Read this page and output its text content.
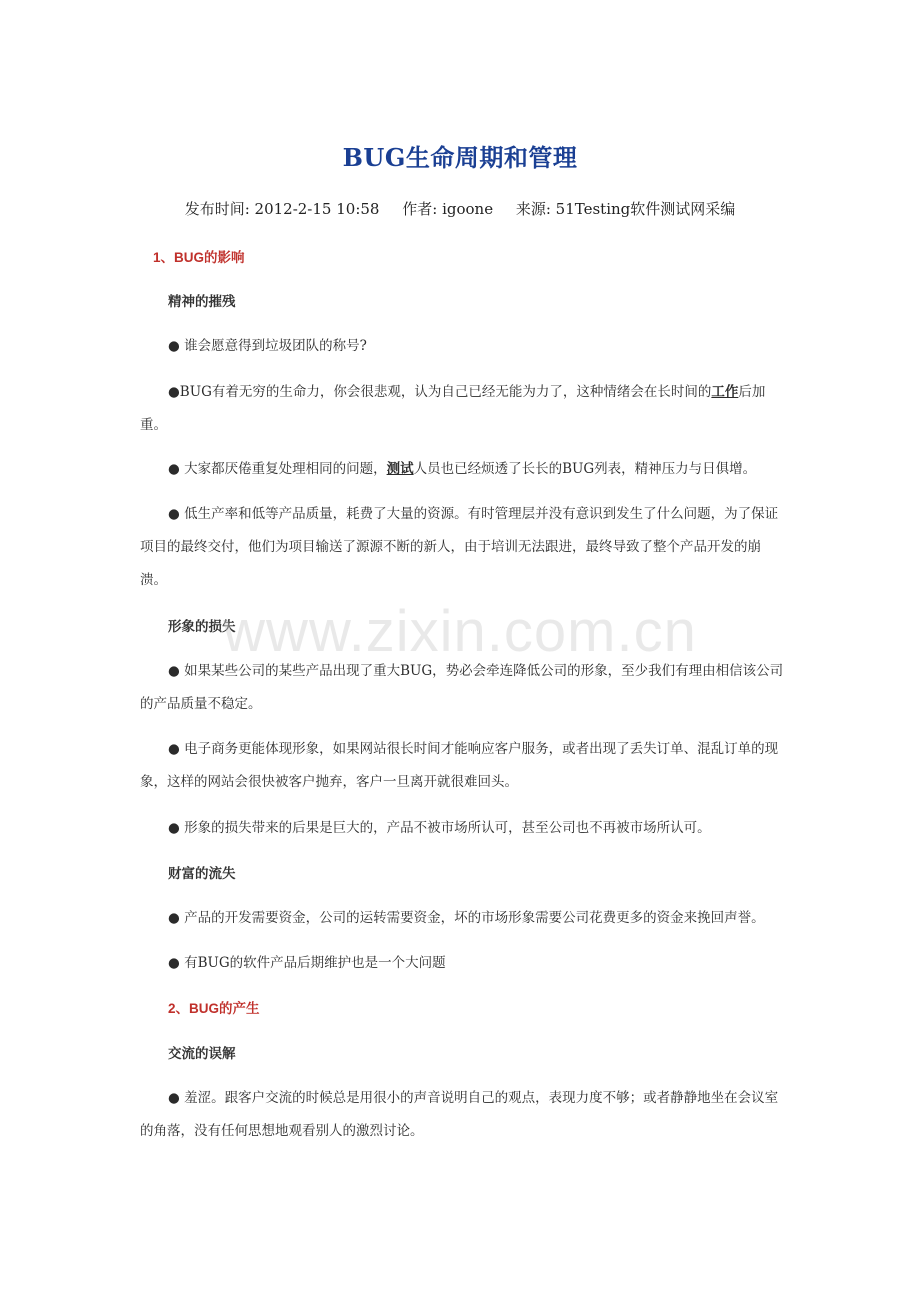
BUG生命周期和管理
发布时间: 2012-2-15 10:58 作者: igoone 来源: 51Testing软件测试网采编
1、BUG的影响
精神的摧残
● 谁会愿意得到垃圾团队的称号?
●BUG有着无穷的生命力，你会很悲观，认为自己已经无能为力了，这种情绪会在长时间的工作后加重。
● 大家都厌倦重复处理相同的问题，测试人员也已经烦透了长长的BUG列表，精神压力与日俱增。
● 低生产率和低等产品质量，耗费了大量的资源。有时管理层并没有意识到发生了什么问题，为了保证项目的最终交付，他们为项目输送了源源不断的新人，由于培训无法跟进，最终导致了整个产品开发的崩溃。
形象的损失
● 如果某些公司的某些产品出现了重大BUG，势必会牵连降低公司的形象，至少我们有理由相信该公司的产品质量不稳定。
● 电子商务更能体现形象，如果网站很长时间才能响应客户服务，或者出现了丢失订单、混乱订单的现象，这样的网站会很快被客户抛弃，客户一旦离开就很难回头。
● 形象的损失带来的后果是巨大的，产品不被市场所认可，甚至公司也不再被市场所认可。
财富的流失
● 产品的开发需要资金，公司的运转需要资金，坏的市场形象需要公司花费更多的资金来挽回声誉。
● 有BUG的软件产品后期维护也是一个大问题
2、BUG的产生
交流的误解
● 羞涩。跟客户交流的时候总是用很小的声音说明自己的观点，表现力度不够；或者静静地坐在会议室的角落，没有任何思想地观看别人的激烈讨论。
www.zixin.com.cn
